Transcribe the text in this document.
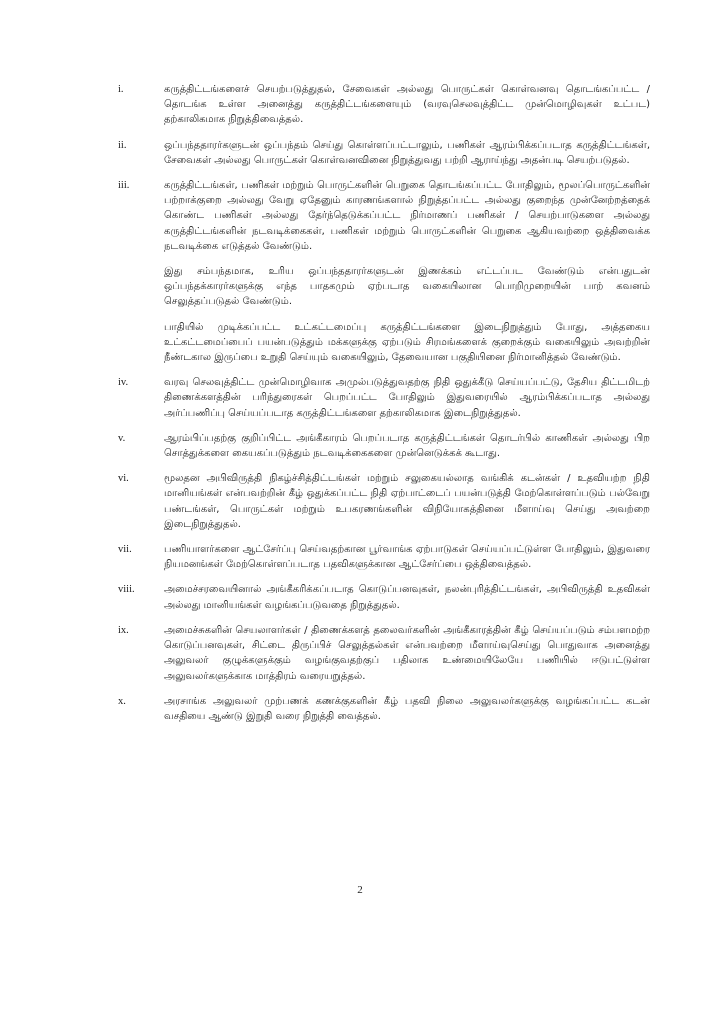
i.	கருத்திட்டங்களைச் செயற்படுத்துதல், சேவைகள் அல்லது பொருட்கள் கொள்வனவு தொடங்கப்பட்ட / தொடங்க உள்ள அனைத்து கருத்திட்டங்களையும் (வரவுசெலவுத்திட்ட முன்மொழிவுகள் உட்பட) தற்காலிகமாக நிறுத்திவைத்தல்.

ii.	ஒப்பந்ததாரர்களுடன் ஒப்பந்தம் செய்து கொள்ளப்பட்டாலும், பணிகள் ஆரம்பிக்கப்படாத கருத்திட்டங்கள், சேவைகள் அல்லது பொருட்கள் கொள்வனவினை நிறுத்துவது பற்றி ஆராய்ந்து அதன்படி செயற்படுதல்.

iii.	கருத்திட்டங்கள், பணிகள் மற்றும் பொருட்களின் பெறுகை தொடங்கப்பட்ட போதிலும், மூலப்பொருட்களின் பற்றாக்குறை அல்லது வேறு ஏதேனும் காரணங்களால் நிறுத்தப்பட்ட அல்லது குறைந்த முன்னேற்றத்தைக் கொண்ட பணிகள் அல்லது தேர்ந்தெடுக்கப்பட்ட நிர்மாணப் பணிகள் / செயற்பாடுகளை அல்லது கருத்திட்டங்களின் நடவடிக்கைகள், பணிகள் மற்றும் பொருட்களின் பெறுகை ஆகியவற்றை ஒத்திவைக்க நடவடிக்கை எடுத்தல் வேண்டும்.

இது சம்பந்தமாக, உரிய ஒப்பந்ததாரர்களுடன் இணக்கம் எட்டப்பட வேண்டும் என்பதுடன் ஒப்பந்தக்காரர்களுக்கு எந்த பாதகமும் ஏற்படாத வகையிலான பொறிமுறையின் பாற் கவனம் செலுத்தப்படுதல் வேண்டும்.

பாதியில் முடிக்கப்பட்ட உட்கட்டமைப்பு கருத்திட்டங்களை இடைநிறுத்தும் போது, அத்தகைய உட்கட்டமைப்பைப் பயன்படுத்தும் மக்களுக்கு ஏற்படும் சிரமங்களைக் குறைக்கும் வகையிலும் அவற்றின் நீண்டகால இருப்பை உறுதி செய்யும் வகையிலும், தேவையான பகுதியினை நிர்மானித்தல் வேண்டும்.

iv.	வரவு செலவுத்திட்ட முன்மொழிவாக அமுல்படுத்துவதற்கு நிதி ஒதுக்கீடு செய்யப்பட்டு, தேசிய திட்டமிடற் திணைக்களத்தின் பரிந்துரைகள் பெறப்பட்ட போதிலும் இதுவரையில் ஆரம்பிக்கப்படாத அல்லது அர்ப்பணிப்பு செய்யப்படாத கருத்திட்டங்களை தற்காலிகமாக இடைநிறுத்துதல்.

v.	ஆரம்பிப்பதற்கு குறிப்பிட்ட அங்கீகாரம் பெறப்படாத கருத்திட்டங்கள் தொடர்பில் காணிகள் அல்லது பிற சொத்துக்களை கையகப்படுத்தும் நடவடிக்கைகளை முன்னெடுக்கக் கூடாது.

vi.	மூலதன அபிவிருத்தி நிகழ்ச்சித்திட்டங்கள் மற்றும் சலுகையல்லாத வங்கிக் கடன்கள் / உதவியற்ற நிதி மானியங்கள் என்பவற்றின் கீழ் ஒதுக்கப்பட்ட நிதி ஏற்பாட்டைப் பயன்படுத்தி மேற்கொள்ளப்படும் பல்வேறு பண்டங்கள், பொருட்கள் மற்றும் உபகரணங்களின் விநியோகத்தினை மீளாய்வு செய்து அவற்றை இடைநிறுத்துதல்.

vii.	பணியாளர்களை ஆட்சேர்ப்பு செய்வதற்கான பூர்வாங்க ஏற்பாடுகள் செய்யப்பட்டுள்ள போதிலும், இதுவரை நியமனங்கள் மேற்கொள்ளப்படாத பதவிகளுக்கான ஆட்சேர்ப்பை ஒத்திவைத்தல்.

viii.	அமைச்சரவையினால் அங்கீகரிக்கப்படாத கொடுப்பனவுகள், நலன்புரித்திட்டங்கள், அபிவிருத்தி உதவிகள் அல்லது மானியங்கள் வழங்கப்படுவதை நிறுத்துதல்.

ix.	அமைச்சுகளின் செயலாளர்கள் / திணைக்களத் தலைவர்களின் அங்கீகாரத்தின் கீழ் செய்யப்படும் சம்பளமற்ற கொடுப்பனவுகள், சிட்டை திருப்பிச் செலுத்தல்கள் என்பவற்றை மீளாய்வுசெய்து பொதுவாக அனைத்து அலுவலர் குழுக்களுக்கும் வழங்குவதற்குப் பதிலாக உண்மையிலேயே பணியில் ஈடுபட்டுள்ள அலுவலர்களுக்காக மாத்திரம் வரையறுத்தல்.

x.	அரசாங்க அலுவலர் முற்பணக் கணக்குகளின் கீழ் பதவி நிலை அலுவலர்களுக்கு வழங்கப்பட்ட கடன் வசதியை ஆண்டு இறுதி வரை நிறுத்தி வைத்தல்.

2
